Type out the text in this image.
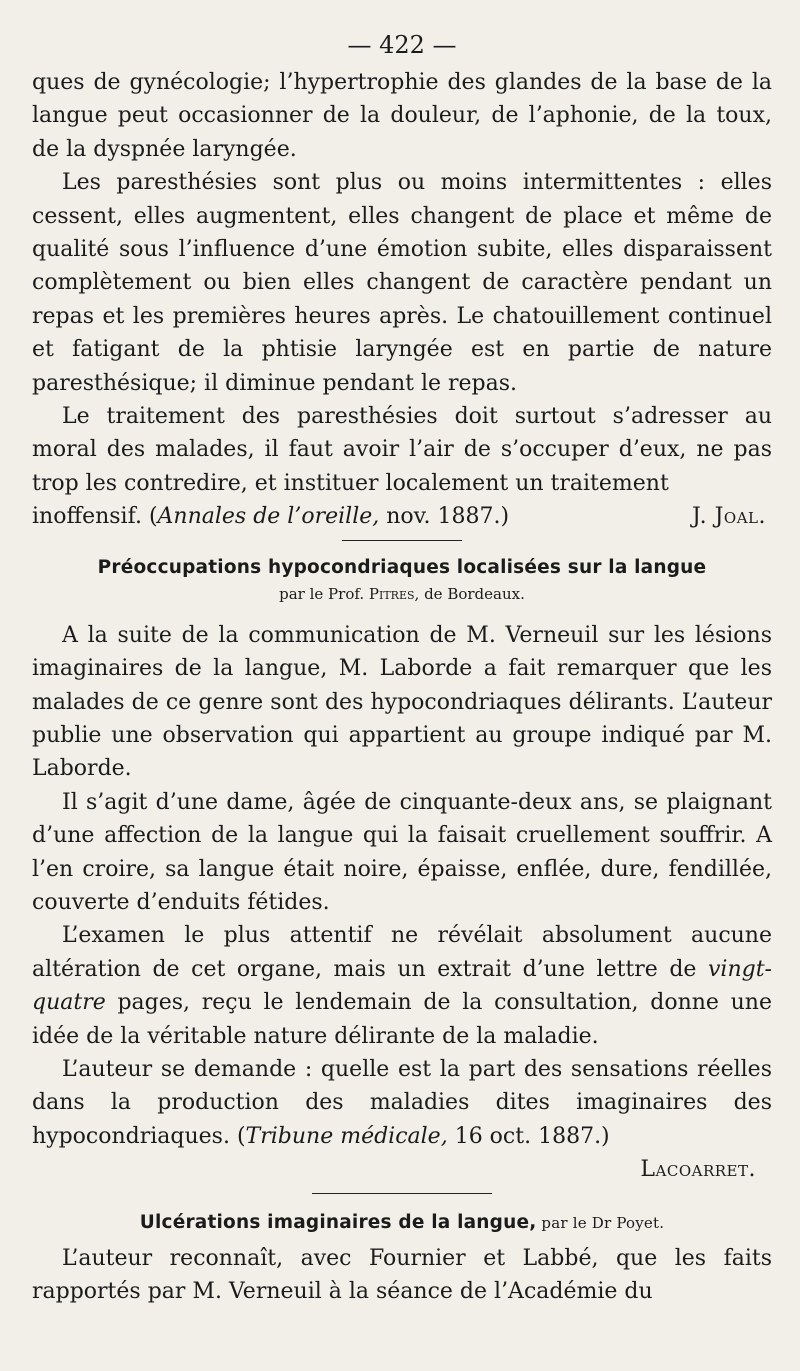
— 422 —

ques de gynécologie; l’hypertrophie des glandes de la base de la langue peut occasionner de la douleur, de l’aphonie, de la toux, de la dyspnée laryngée.

Les paresthésies sont plus ou moins intermittentes : elles cessent, elles augmentent, elles changent de place et même de qualité sous l’influence d’une émotion subite, elles disparaissent complètement ou bien elles changent de caractère pendant un repas et les premières heures après. Le chatouillement continuel et fatigant de la phtisie laryngée est en partie de nature paresthésique; il diminue pendant le repas.

Le traitement des paresthésies doit surtout s’adresser au moral des malades, il faut avoir l’air de s’occuper d’eux, ne pas trop les contredire, et instituer localement un traitement

inoffensif. (Annales de l’oreille, nov. 1887.)	J. Joal.

Préoccupations hypocondriaques localisées sur la langue
par le Prof. Pitres, de Bordeaux.

A la suite de la communication de M. Verneuil sur les lésions imaginaires de la langue, M. Laborde a fait remarquer que les malades de ce genre sont des hypocondriaques délirants. L’auteur publie une observation qui appartient au groupe indiqué par M. Laborde.

Il s’agit d’une dame, âgée de cinquante-deux ans, se plaignant d’une affection de la langue qui la faisait cruellement souffrir. A l’en croire, sa langue était noire, épaisse, enflée, dure, fendillée, couverte d’enduits fétides.

L’examen le plus attentif ne révélait absolument aucune altération de cet organe, mais un extrait d’une lettre de vingt-quatre pages, reçu le lendemain de la consultation, donne une idée de la véritable nature délirante de la maladie.

L’auteur se demande : quelle est la part des sensations réelles dans la production des maladies dites imaginaires des hypocondriaques. (Tribune médicale, 16 oct. 1887.)

Lacoarret.

Ulcérations imaginaires de la langue, par le Dr Poyet.

L’auteur reconnaît, avec Fournier et Labbé, que les faits rapportés par M. Verneuil à la séance de l’Académie du
